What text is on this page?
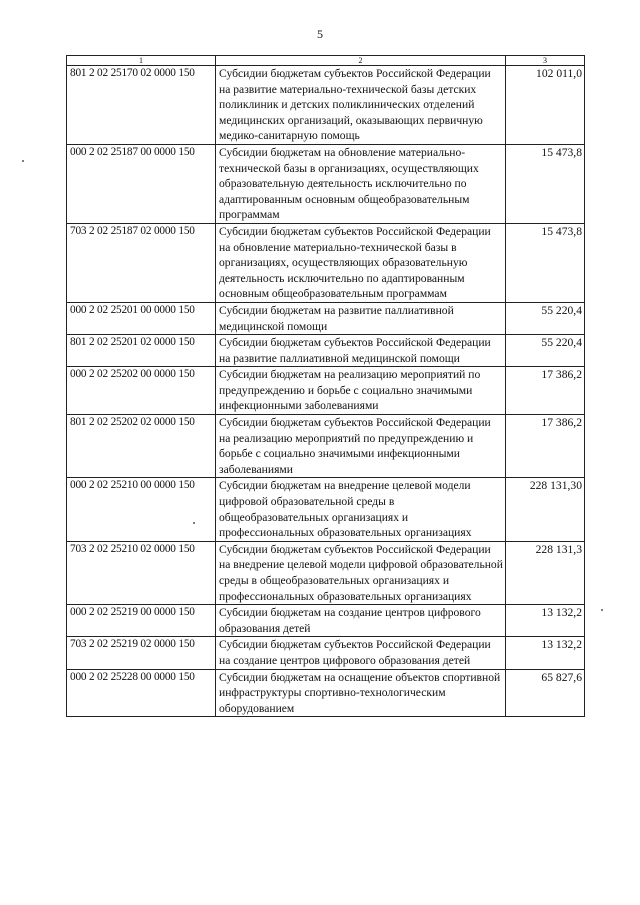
5
1	2	3
801 2 02 25170 02 0000 150	Субсидии бюджетам субъектов Российской Федерации на развитие материально-технической базы детских поликлиник и детских поликлинических отделений медицинских организаций, оказывающих первичную медико-санитарную помощь	102 011,0
000 2 02 25187 00 0000 150	Субсидии бюджетам на обновление материально-технической базы в организациях, осуществляющих образовательную деятельность исключительно по адаптированным основным общеобразовательным программам	15 473,8
703 2 02 25187 02 0000 150	Субсидии бюджетам субъектов Российской Федерации на обновление материально-технической базы в организациях, осуществляющих образовательную деятельность исключительно по адаптированным основным общеобразовательным программам	15 473,8
000 2 02 25201 00 0000 150	Субсидии бюджетам на развитие паллиативной медицинской помощи	55 220,4
801 2 02 25201 02 0000 150	Субсидии бюджетам субъектов Российской Федерации на развитие паллиативной медицинской помощи	55 220,4
000 2 02 25202 00 0000 150	Субсидии бюджетам на реализацию мероприятий по предупреждению и борьбе с социально значимыми инфекционными заболеваниями	17 386,2
801 2 02 25202 02 0000 150	Субсидии бюджетам субъектов Российской Федерации на реализацию мероприятий по предупреждению и борьбе с социально значимыми инфекционными заболеваниями	17 386,2
000 2 02 25210 00 0000 150	Субсидии бюджетам на внедрение целевой модели цифровой образовательной среды в общеобразовательных организациях и профессиональных образовательных организациях	228 131,30
703 2 02 25210 02 0000 150	Субсидии бюджетам субъектов Российской Федерации на внедрение целевой модели цифровой образовательной среды в общеобразовательных организациях и профессиональных образовательных организациях	228 131,3
000 2 02 25219 00 0000 150	Субсидии бюджетам на создание центров цифрового образования детей	13 132,2
703 2 02 25219 02 0000 150	Субсидии бюджетам субъектов Российской Федерации на создание центров цифрового образования детей	13 132,2
000 2 02 25228 00 0000 150	Субсидии бюджетам на оснащение объектов спортивной инфраструктуры спортивно-технологическим оборудованием	65 827,6
